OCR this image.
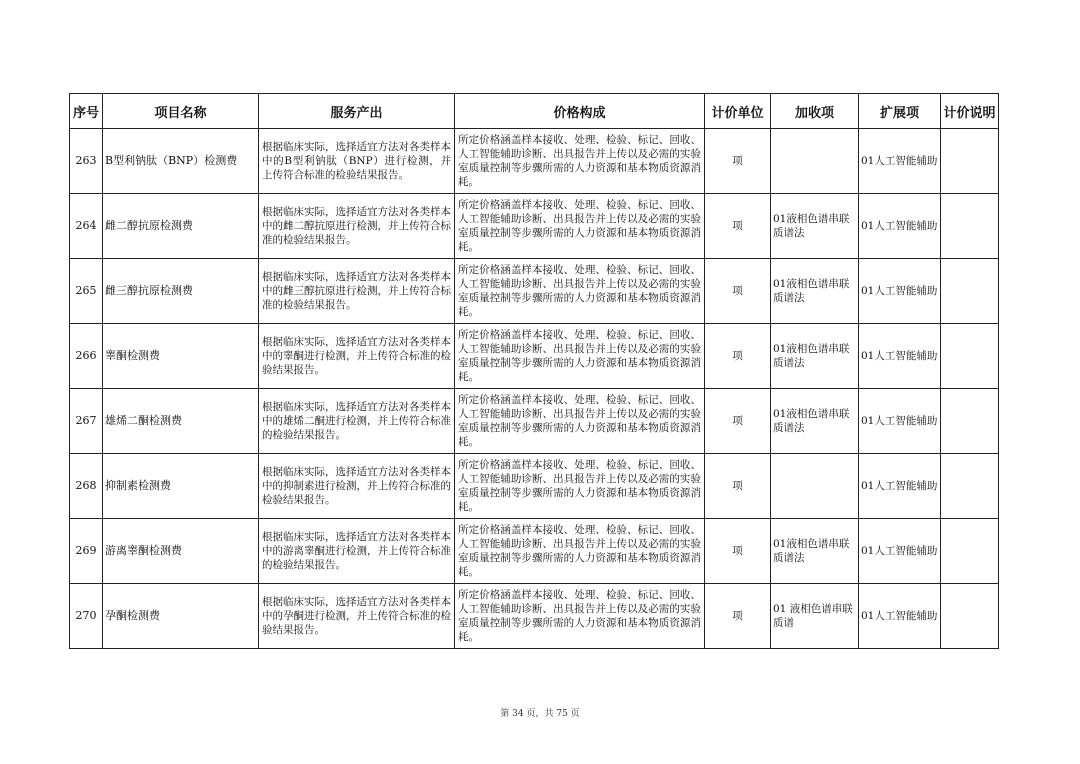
序号	项目名称	服务产出	价格构成	计价单位	加收项	扩展项	计价说明
263	B型利钠肽（BNP）检测费	根据临床实际，选择适宜方法对各类样本中的B型利钠肽（BNP）进行检测，并上传符合标准的检验结果报告。	所定价格涵盖样本接收、处理、检验、标记、回收、人工智能辅助诊断、出具报告并上传以及必需的实验室质量控制等步骤所需的人力资源和基本物质资源消耗。	项		01人工智能辅助	
264	雌二醇抗原检测费	根据临床实际，选择适宜方法对各类样本中的雌二醇抗原进行检测，并上传符合标准的检验结果报告。	所定价格涵盖样本接收、处理、检验、标记、回收、人工智能辅助诊断、出具报告并上传以及必需的实验室质量控制等步骤所需的人力资源和基本物质资源消耗。	项	01液相色谱串联质谱法	01人工智能辅助	
265	雌三醇抗原检测费	根据临床实际，选择适宜方法对各类样本中的雌三醇抗原进行检测，并上传符合标准的检验结果报告。	所定价格涵盖样本接收、处理、检验、标记、回收、人工智能辅助诊断、出具报告并上传以及必需的实验室质量控制等步骤所需的人力资源和基本物质资源消耗。	项	01液相色谱串联质谱法	01人工智能辅助	
266	睾酮检测费	根据临床实际，选择适宜方法对各类样本中的睾酮进行检测，并上传符合标准的检验结果报告。	所定价格涵盖样本接收、处理、检验、标记、回收、人工智能辅助诊断、出具报告并上传以及必需的实验室质量控制等步骤所需的人力资源和基本物质资源消耗。	项	01液相色谱串联质谱法	01人工智能辅助	
267	雄烯二酮检测费	根据临床实际，选择适宜方法对各类样本中的雄烯二酮进行检测，并上传符合标准的检验结果报告。	所定价格涵盖样本接收、处理、检验、标记、回收、人工智能辅助诊断、出具报告并上传以及必需的实验室质量控制等步骤所需的人力资源和基本物质资源消耗。	项	01液相色谱串联质谱法	01人工智能辅助	
268	抑制素检测费	根据临床实际，选择适宜方法对各类样本中的抑制素进行检测，并上传符合标准的检验结果报告。	所定价格涵盖样本接收、处理、检验、标记、回收、人工智能辅助诊断、出具报告并上传以及必需的实验室质量控制等步骤所需的人力资源和基本物质资源消耗。	项		01人工智能辅助	
269	游离睾酮检测费	根据临床实际，选择适宜方法对各类样本中的游离睾酮进行检测，并上传符合标准的检验结果报告。	所定价格涵盖样本接收、处理、检验、标记、回收、人工智能辅助诊断、出具报告并上传以及必需的实验室质量控制等步骤所需的人力资源和基本物质资源消耗。	项	01液相色谱串联质谱法	01人工智能辅助	
270	孕酮检测费	根据临床实际，选择适宜方法对各类样本中的孕酮进行检测，并上传符合标准的检验结果报告。	所定价格涵盖样本接收、处理、检验、标记、回收、人工智能辅助诊断、出具报告并上传以及必需的实验室质量控制等步骤所需的人力资源和基本物质资源消耗。	项	01 液相色谱串联质谱	01人工智能辅助	
第 34 页，共 75 页
